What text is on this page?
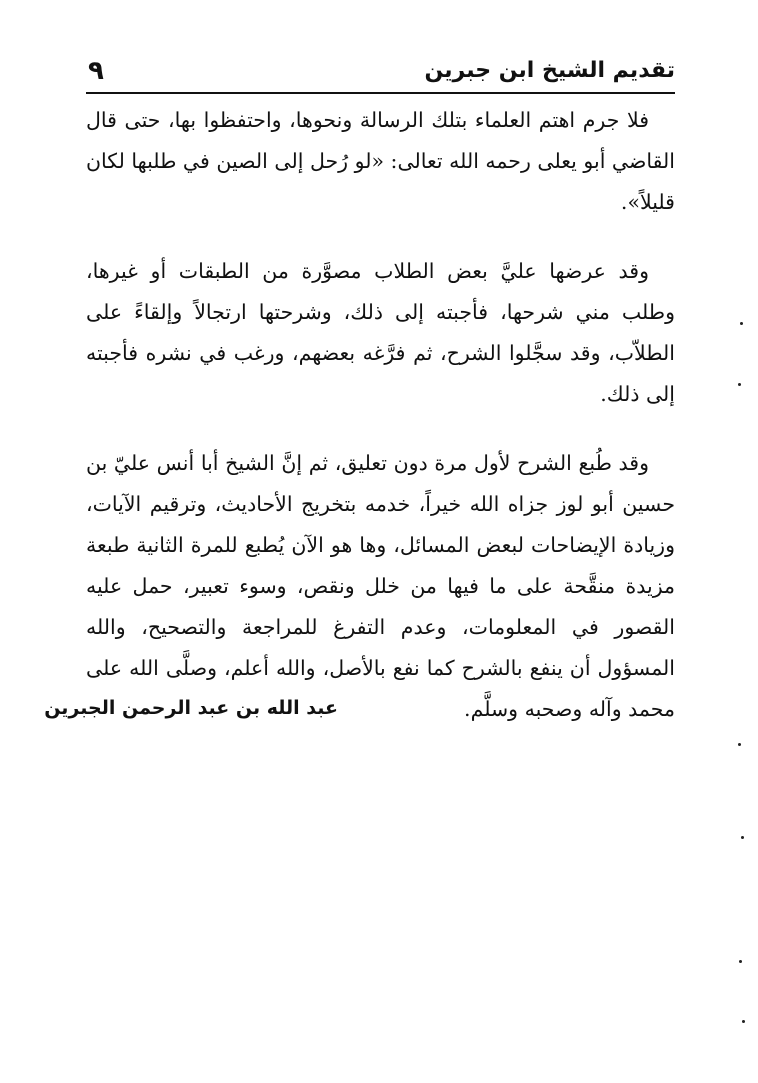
تقديم الشيخ ابن جبرين
٩

فلا جرم اهتم العلماء بتلك الرسالة ونحوها، واحتفظوا بها، حتى قال القاضي أبو يعلى رحمه الله تعالى: «لو رُحل إلى الصين في طلبها لكان قليلاً».

وقد عرضها عليَّ بعض الطلاب مصوَّرة من الطبقات أو غيرها، وطلب مني شرحها، فأجبته إلى ذلك، وشرحتها ارتجالاً وإلقاءً على الطلاّب، وقد سجَّلوا الشرح، ثم فرَّغه بعضهم، ورغب في نشره فأجبته إلى ذلك.

وقد طُبع الشرح لأول مرة دون تعليق، ثم إنَّ الشيخ أبا أنس عليّ بن حسين أبو لوز جزاه الله خيراً، خدمه بتخريج الأحاديث، وترقيم الآيات، وزيادة الإيضاحات لبعض المسائل، وها هو الآن يُطبع للمرة الثانية طبعة مزيدة منقَّحة على ما فيها من خلل ونقص، وسوء تعبير، حمل عليه القصور في المعلومات، وعدم التفرغ للمراجعة والتصحيح، والله المسؤول أن ينفع بالشرح كما نفع بالأصل، والله أعلم، وصلَّى الله على محمد وآله وصحبه وسلَّم.

عبد الله بن عبد الرحمن الجبرين
